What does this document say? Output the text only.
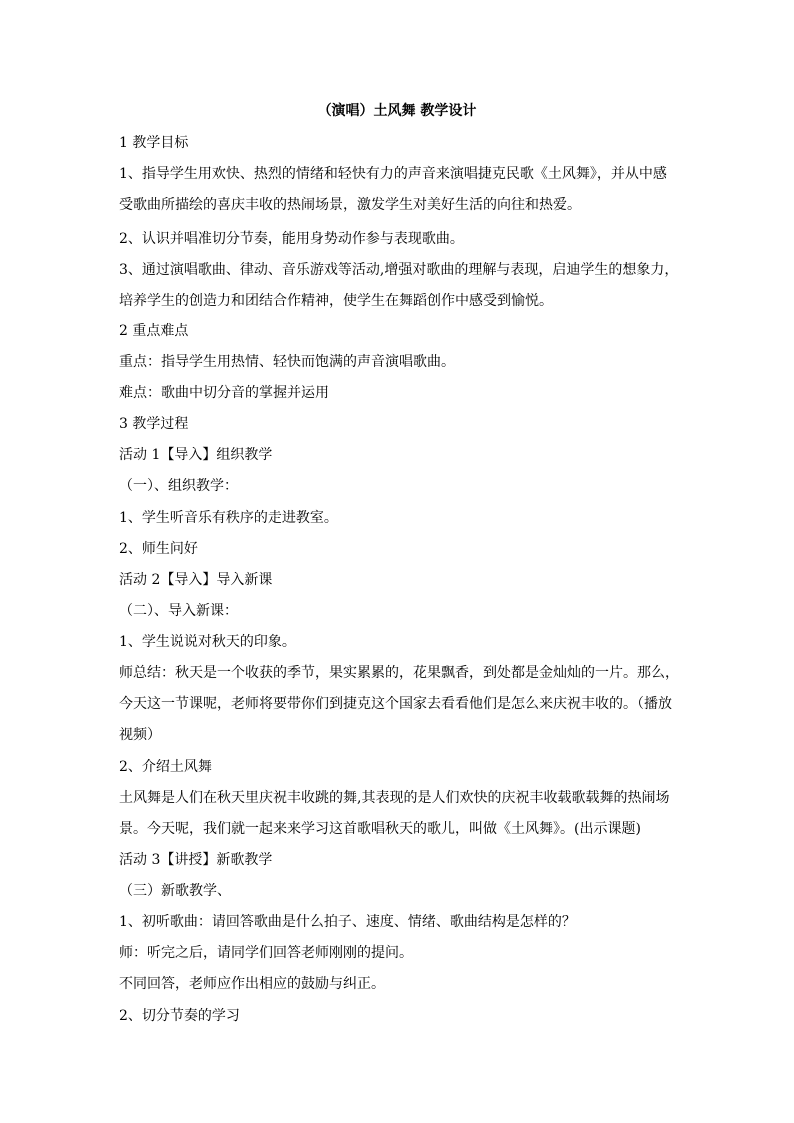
（演唱）土风舞 教学设计
1 教学目标
1、指导学生用欢快、热烈的情绪和轻快有力的声音来演唱捷克民歌《土风舞》，并从中感
受歌曲所描绘的喜庆丰收的热闹场景，激发学生对美好生活的向往和热爱。
2、认识并唱准切分节奏，能用身势动作参与表现歌曲。
3、通过演唱歌曲、律动、音乐游戏等活动,增强对歌曲的理解与表现，启迪学生的想象力，
培养学生的创造力和团结合作精神，使学生在舞蹈创作中感受到愉悦。
2 重点难点
重点：指导学生用热情、轻快而饱满的声音演唱歌曲。
难点：歌曲中切分音的掌握并运用
3 教学过程
活动 1【导入】组织教学
（一）、组织教学：
1、学生听音乐有秩序的走进教室。
2、师生问好
活动 2【导入】导入新课
（二）、导入新课：
1、学生说说对秋天的印象。
师总结：秋天是一个收获的季节，果实累累的，花果飘香，到处都是金灿灿的一片。那么，
今天这一节课呢，老师将要带你们到捷克这个国家去看看他们是怎么来庆祝丰收的。（播放
视频）
2、介绍土风舞
土风舞是人们在秋天里庆祝丰收跳的舞,其表现的是人们欢快的庆祝丰收载歌载舞的热闹场
景。今天呢，我们就一起来来学习这首歌唱秋天的歌儿，叫做《土风舞》。(出示课题)
活动 3【讲授】新歌教学
（三）新歌教学、
1、初听歌曲：请回答歌曲是什么拍子、速度、情绪、歌曲结构是怎样的？
师：听完之后，请同学们回答老师刚刚的提问。
不同回答，老师应作出相应的鼓励与纠正。
2、切分节奏的学习
